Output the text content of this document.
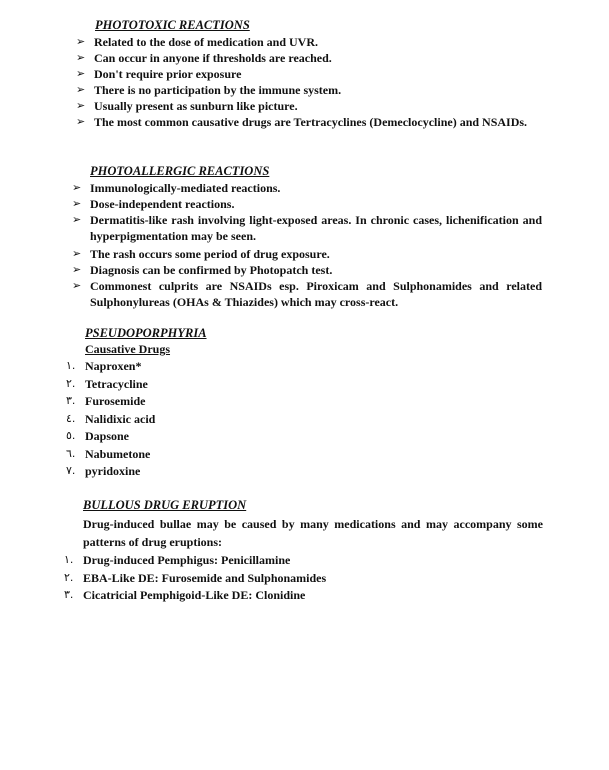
PHOTOTOXIC REACTIONS

➢ Related to the dose of medication and UVR.
➢ Can occur in anyone if thresholds are reached.
➢ Don't require prior exposure
➢ There is no participation by the immune system.
➢ Usually present as sunburn like picture.
➢ The most common causative drugs are Tertracyclines (Demeclocycline) and NSAIDs.

PHOTOALLERGIC REACTIONS

➢ Immunologically-mediated reactions.
➢ Dose-independent reactions.
➢ Dermatitis-like rash involving light-exposed areas. In chronic cases, lichenification and hyperpigmentation may be seen.
➢ The rash occurs some period of drug exposure.
➢ Diagnosis can be confirmed by Photopatch test.
➢ Commonest culprits are NSAIDs esp. Piroxicam and Sulphonamides and related Sulphonylureas (OHAs & Thiazides) which may cross-react.

PSEUDOPORPHYRIA

Causative Drugs

١. Naproxen*
٢. Tetracycline
٣. Furosemide
٤. Nalidixic acid
٥. Dapsone
٦. Nabumetone
٧. pyridoxine

BULLOUS DRUG ERUPTION

Drug-induced bullae may be caused by many medications and may accompany some patterns of drug eruptions:

١. Drug-induced Pemphigus: Penicillamine
٢. EBA-Like DE: Furosemide and Sulphonamides
٣. Cicatricial Pemphigoid-Like DE: Clonidine
